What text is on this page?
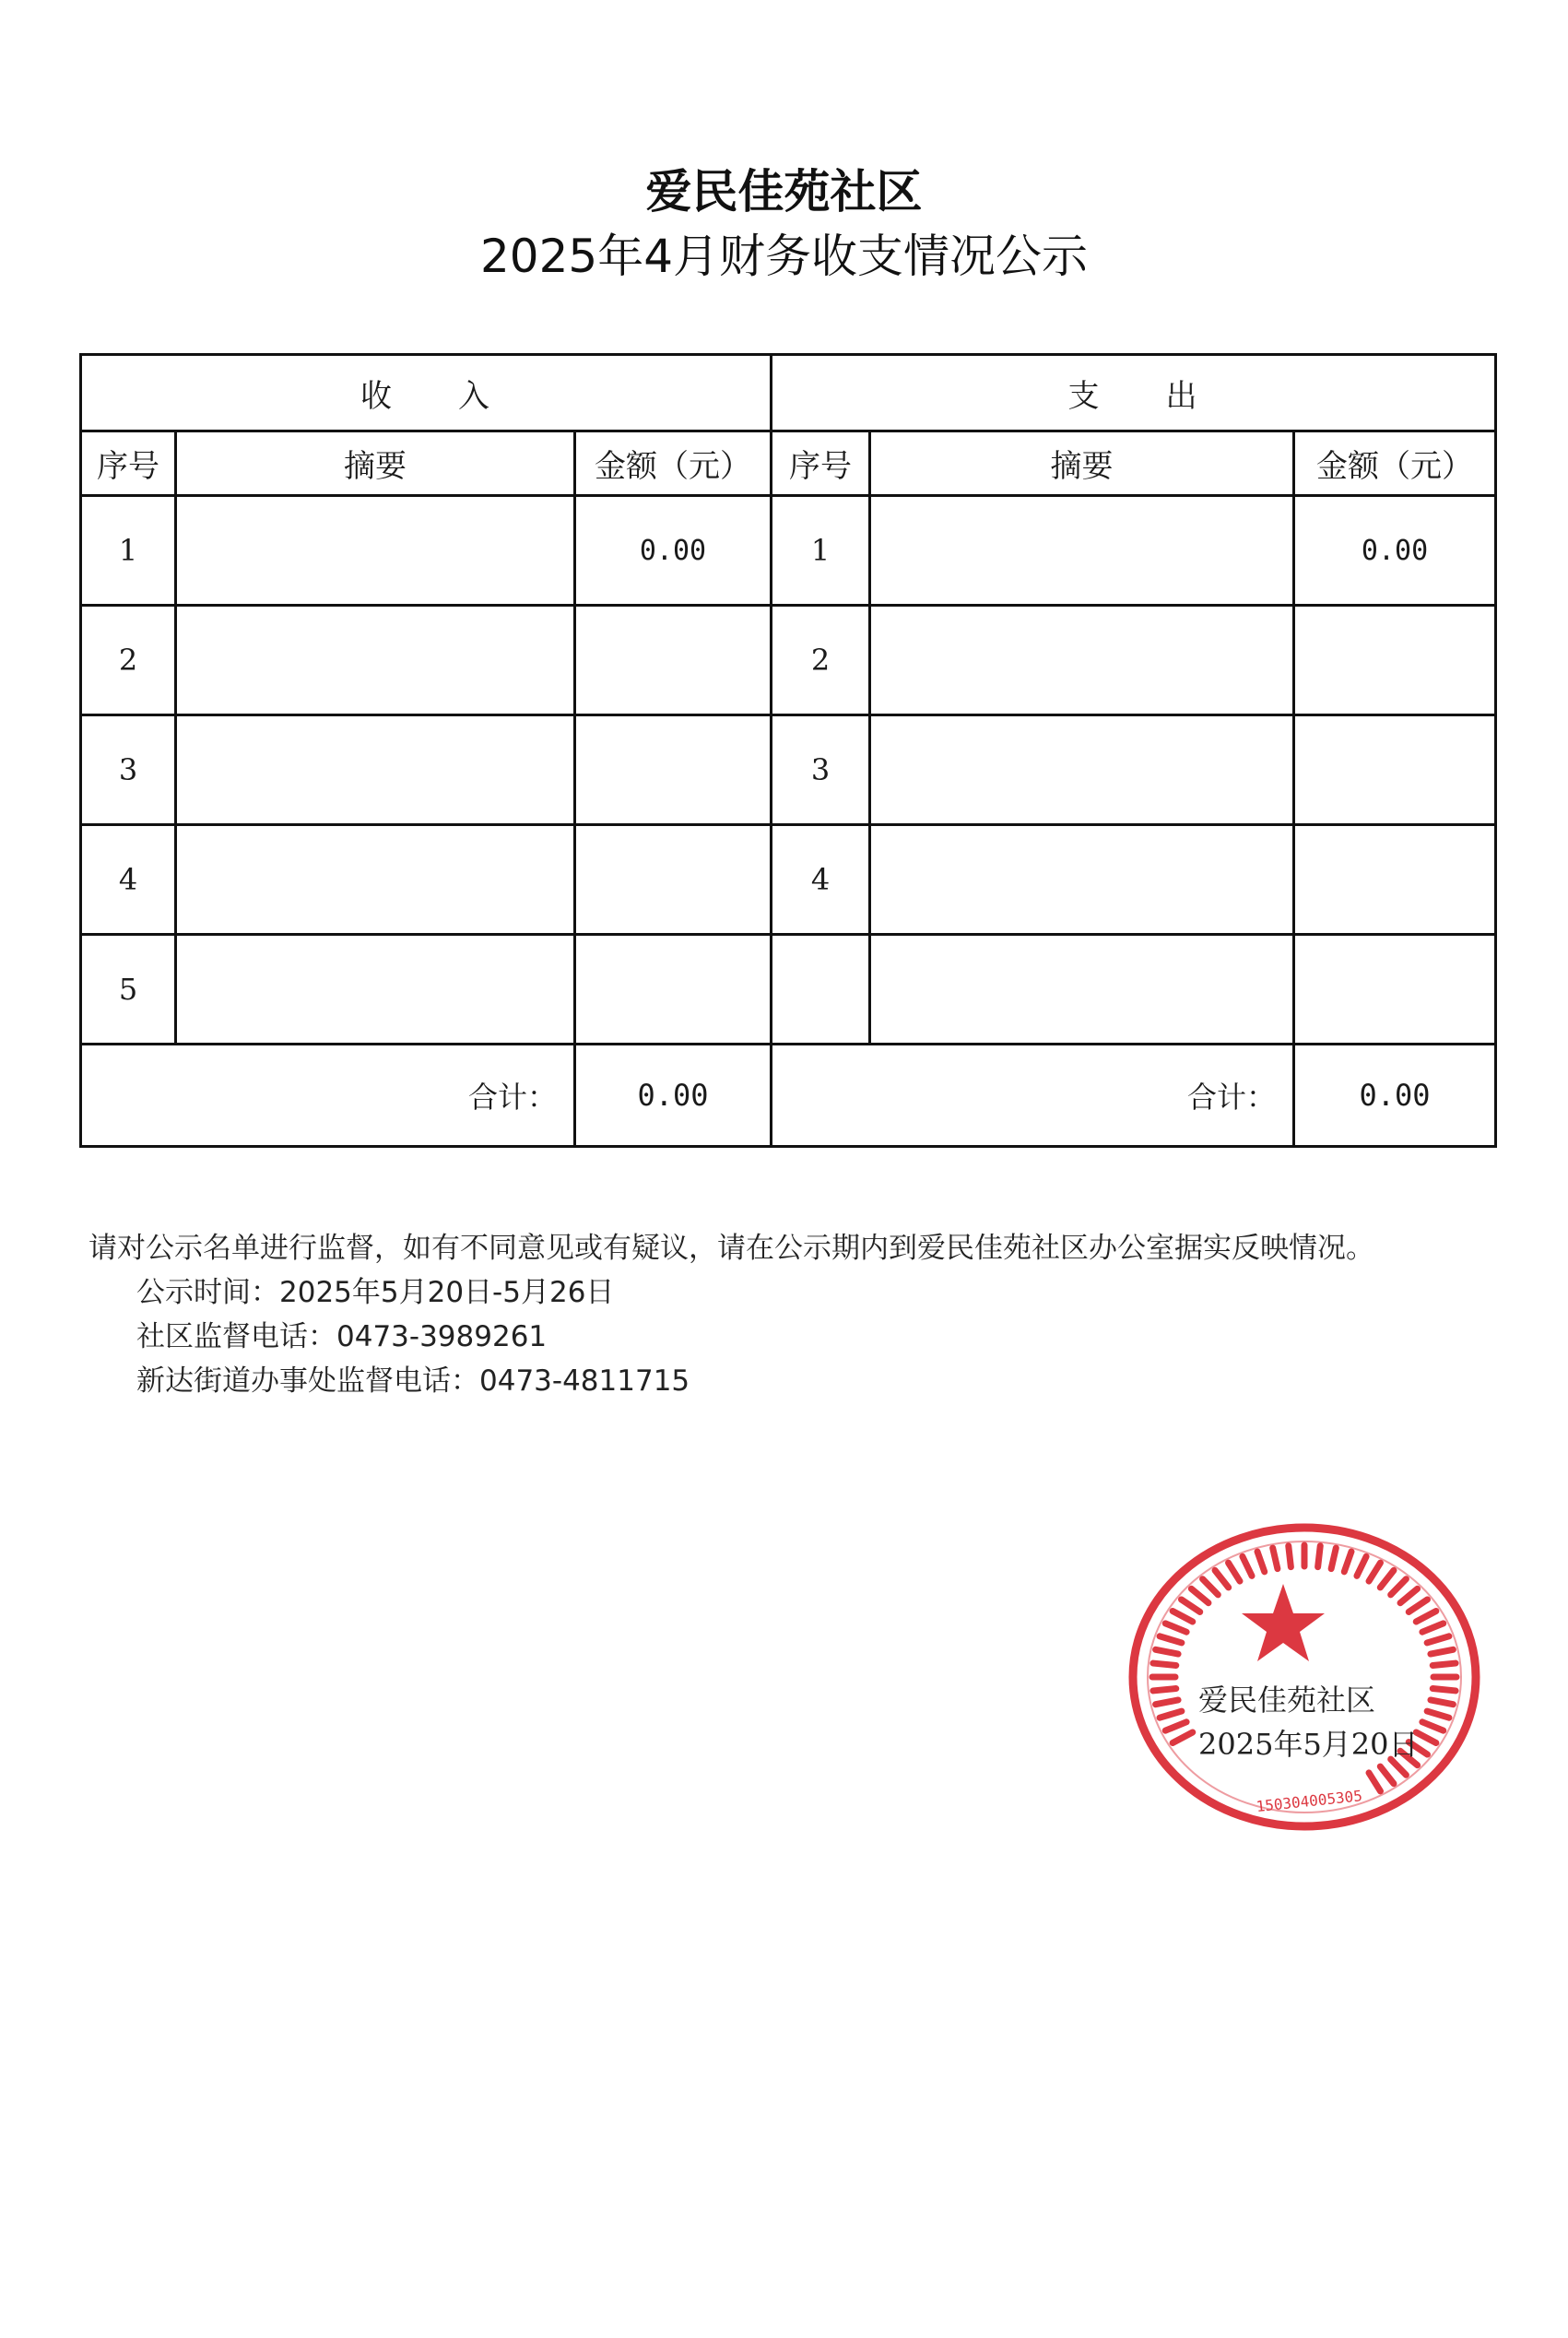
爱民佳苑社区
2025年4月财务收支情况公示
收 入			支 出		
序号	摘要	金额（元）	序号	摘要	金额（元）
1		0.00	1		0.00
2			2		
3			3		
4			4		
5					
合计：		0.00	合计：		0.00

请对公示名单进行监督，如有不同意见或有疑议，请在公示期内到爱民佳苑社区办公室据实反映情况。

公示时间：2025年5月20日-5月26日

社区监督电话：0473-3989261

新达街道办事处监督电话：0473-4811715

150304005305
爱民佳苑社区
2025年5月20日
